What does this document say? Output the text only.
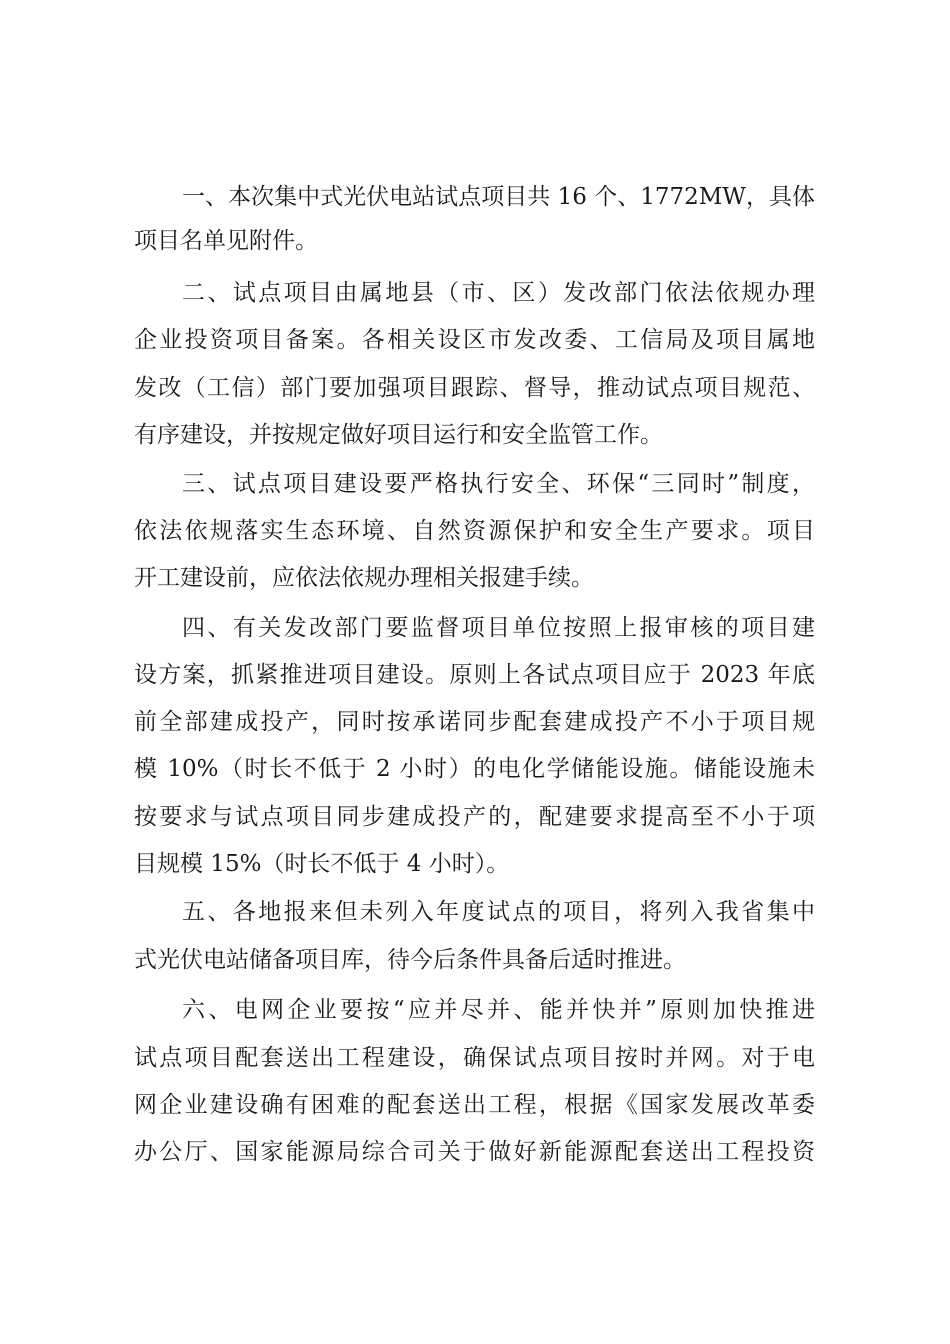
一、本次集中式光伏电站试点项目共 16 个、1772MW，具体
项目名单见附件。
二、试点项目由属地县（市、区）发改部门依法依规办理
企业投资项目备案。各相关设区市发改委、工信局及项目属地
发改（工信）部门要加强项目跟踪、督导，推动试点项目规范、
有序建设，并按规定做好项目运行和安全监管工作。
三、试点项目建设要严格执行安全、环保“三同时”制度，
依法依规落实生态环境、自然资源保护和安全生产要求。项目
开工建设前，应依法依规办理相关报建手续。
四、有关发改部门要监督项目单位按照上报审核的项目建
设方案，抓紧推进项目建设。原则上各试点项目应于 2023 年底
前全部建成投产，同时按承诺同步配套建成投产不小于项目规
模 10%（时长不低于 2 小时）的电化学储能设施。储能设施未
按要求与试点项目同步建成投产的，配建要求提高至不小于项
目规模 15%（时长不低于 4 小时）。
五、各地报来但未列入年度试点的项目，将列入我省集中
式光伏电站储备项目库，待今后条件具备后适时推进。
六、电网企业要按“应并尽并、能并快并”原则加快推进
试点项目配套送出工程建设，确保试点项目按时并网。对于电
网企业建设确有困难的配套送出工程，根据《国家发展改革委
办公厅、国家能源局综合司关于做好新能源配套送出工程投资
